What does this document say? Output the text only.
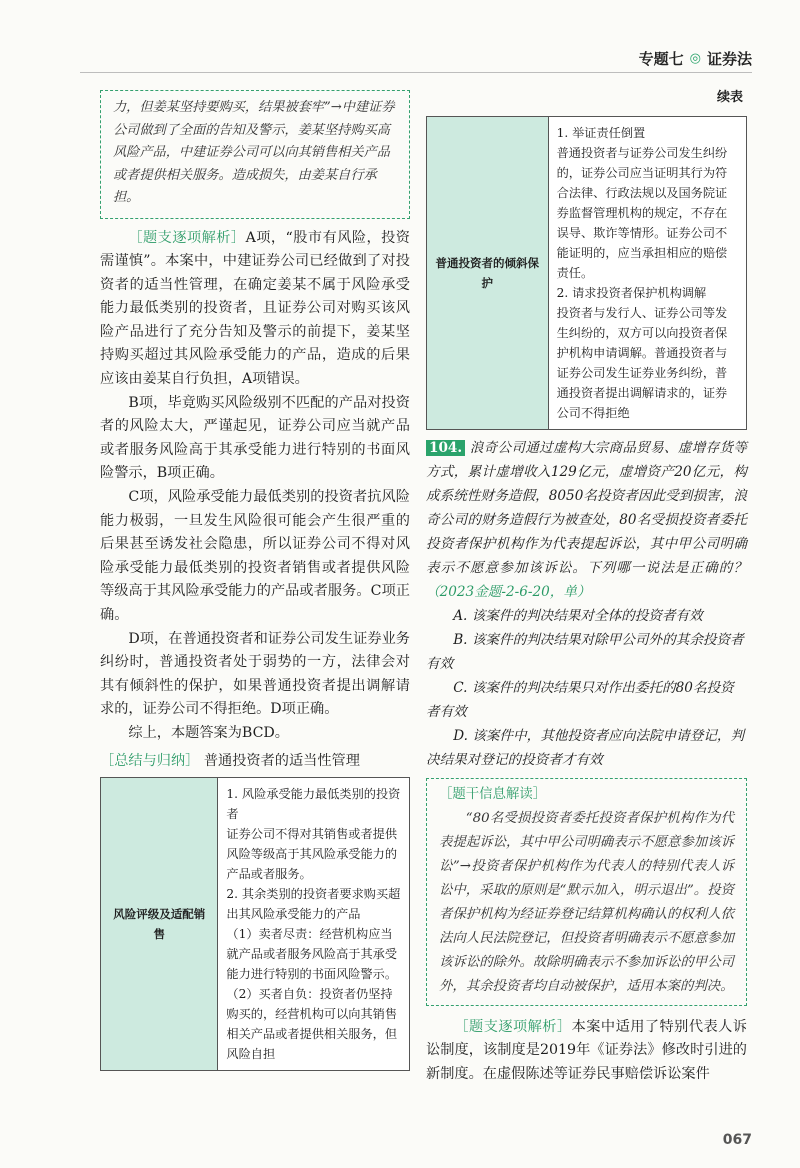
专题七 ◎ 证券法
力，但姜某坚持要购买，结果被套牢”→中建证券公司做到了全面的告知及警示，姜某坚持购买高风险产品，中建证券公司可以向其销售相关产品或者提供相关服务。造成损失，由姜某自行承担。

［题支逐项解析］A项，“股市有风险，投资需谨慎”。本案中，中建证券公司已经做到了对投资者的适当性管理，在确定姜某不属于风险承受能力最低类别的投资者，且证券公司对购买该风险产品进行了充分告知及警示的前提下，姜某坚持购买超过其风险承受能力的产品，造成的后果应该由姜某自行负担，A项错误。

B项，毕竟购买风险级别不匹配的产品对投资者的风险太大，严谨起见，证券公司应当就产品或者服务风险高于其承受能力进行特别的书面风险警示，B项正确。

C项，风险承受能力最低类别的投资者抗风险能力极弱，一旦发生风险很可能会产生很严重的后果甚至诱发社会隐患，所以证券公司不得对风险承受能力最低类别的投资者销售或者提供风险等级高于其风险承受能力的产品或者服务。C项正确。

D项，在普通投资者和证券公司发生证券业务纠纷时，普通投资者处于弱势的一方，法律会对其有倾斜性的保护，如果普通投资者提出调解请求的，证券公司不得拒绝。D项正确。

综上，本题答案为BCD。

［总结与归纳］ 普通投资者的适当性管理

风险评级及适配销售	
1. 风险承受能力最低类别的投资者
证券公司不得对其销售或者提供风险等级高于其风险承受能力的产品或者服务。
2. 其余类别的投资者要求购买超出其风险承受能力的产品
（1）卖者尽责：经营机构应当就产品或者服务风险高于其承受能力进行特别的书面风险警示。
（2）买者自负：投资者仍坚持购买的，经营机构可以向其销售相关产品或者提供相关服务，但风险自担
续表
普通投资者的倾斜保护	
1. 举证责任倒置
普通投资者与证券公司发生纠纷的，证券公司应当证明其行为符合法律、行政法规以及国务院证券监督管理机构的规定，不存在误导、欺诈等情形。证券公司不能证明的，应当承担相应的赔偿责任。
2. 请求投资者保护机构调解
投资者与发行人、证券公司等发生纠纷的，双方可以向投资者保护机构申请调解。普通投资者与证券公司发生证券业务纠纷，普通投资者提出调解请求的，证券公司不得拒绝

104. 浪奇公司通过虚构大宗商品贸易、虚增存货等方式，累计虚增收入129亿元，虚增资产20亿元，构成系统性财务造假，8050名投资者因此受到损害，浪奇公司的财务造假行为被查处，80名受损投资者委托投资者保护机构作为代表提起诉讼，其中甲公司明确表示不愿意参加该诉讼。下列哪一说法是正确的？（2023金题-2-6-20，单）

A. 该案件的判决结果对全体的投资者有效
B. 该案件的判决结果对除甲公司外的其余投资者有效
C. 该案件的判决结果只对作出委托的80名投资者有效
D. 该案件中，其他投资者应向法院申请登记，判决结果对登记的投资者才有效
［题干信息解读］

“80名受损投资者委托投资者保护机构作为代表提起诉讼，其中甲公司明确表示不愿意参加该诉讼”→投资者保护机构作为代表人的特别代表人诉讼中，采取的原则是“默示加入，明示退出”。投资者保护机构为经证券登记结算机构确认的权利人依法向人民法院登记，但投资者明确表示不愿意参加该诉讼的除外。故除明确表示不参加诉讼的甲公司外，其余投资者均自动被保护，适用本案的判决。

［题支逐项解析］本案中适用了特别代表人诉讼制度，该制度是2019年《证券法》修改时引进的新制度。在虚假陈述等证券民事赔偿诉讼案件

067
